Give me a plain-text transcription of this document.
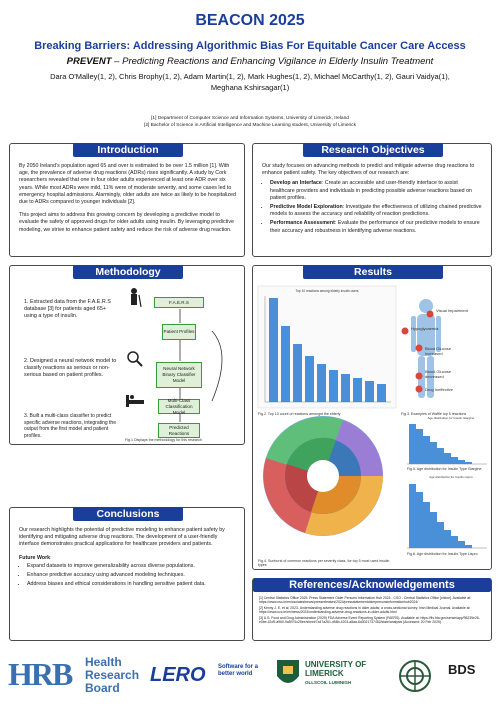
BEACON 2025
Breaking Barriers: Addressing Algorithmic Bias For Equitable Cancer Care Access
PREVENT – Predicting Reactions and Enhancing Vigilance in Elderly Insulin Treatment
Dara O'Malley(1, 2), Chris Brophy(1, 2), Adam Martin(1, 2), Mark Hughes(1, 2), Michael McCarthy(1, 2), Gauri Vaidya(1),
Meghana Kshirsagar(1)
[1] Department of Computer Science and Information Systems, University of Limerick, Ireland
[2] Bachelor of Science in Artificial Intelligence and Machine Learning student, University of Limerick
Introduction

By 2050 Ireland's population aged 65 and over is estimated to be over 1.5 million [1]. With age, the prevalence of adverse drug reactions (ADRs) rises significantly. A study by Cork researchers revealed that one in four older adults experienced at least one ADR over six years. While most ADRs were mild, 11% were of moderate severity, and some cases led to emergency hospital admissions. Alarmingly, older adults are twice as likely to be hospitalized due to ADRs compared to younger individuals [2].

This project aims to address this growing concern by developing a predictive model to evaluate the safety of approved drugs for older adults using insulin. By leveraging predictive modeling, we strive to enhance patient safety and reduce the risk of adverse drug reaction.

Research Objectives

Our study focuses on advancing methods to predict and mitigate adverse drug reactions to enhance patient safety. The key objectives of our research are:

• Develop an Interface: Create an accessible and user-friendly interface to assist healthcare providers and individuals in predicting possible adverse reactions based on patient profiles.
• Predictive Model Exploration: Investigate the effectiveness of utilizing chained predictive models to assess the accuracy and reliability of reaction predictions.
• Performance Assessment: Evaluate the performance of our predictive models to ensure their accuracy and robustness in identifying adverse reactions.
Methodology
1. Extracted data from the F.A.E.R.S database [3] for patients aged 65+ using a type of insulin.
2. Designed a neural network model to classify reactions as serious or non-serious based on patient profiles.
3. Built a multi-class classifier to predict specific adverse reactions, integrating the output from the first model and patient profiles.
F.A.E.R.S
Patient Profiles
Neural Network Binary Classifier Model
Multi-Class Classification Model
Predicted Reactions
Fig.1 Displays the methodology for this research
Results
Top 10 reactions among elderly insulin users
Age distribution for Insulin Glargine
Age distribution for Insulin Lispro
Fig.2. Top 10 count of reactions amongst the elderly	Fig.3. Examples of Waffle top 5 reactions
Visual Impairment
Hypoglycaemia
Blood Glucose Increased
Blood Glucose decreased
Drug Ineffective
Fig.4. Sunburst of common reactions per severity class, for top 5 most used insulin types
Fig.5. Age distribution for Insulin Type Glargine
Fig.6. Age distribution for Insulin Type Lispro
Conclusions

Our research highlights the potential of predictive modeling to enhance patient safety by identifying and mitigating adverse drug reactions. The development of a user-friendly interface demonstrates practical applications for healthcare providers and patients.

Future Work:

• Expand datasets to improve generalizability across diverse populations.
• Enhance predictive accuracy using advanced modeling techniques.
• Address biases and ethical considerations in handling sensitive patient data.	References/Acknowledgements

[1] Central Statistics Office 2025. Press Statement Older Persons Information Hub 2024 - CSO - Central Statistics Office [online]. Available at: https://www.cso.ie/en/csolatestnews/pressreleases/2024/pressstatementolderpersonsinformationhub2024/

[2] Kenny J. E. et al. 2023. Understanding adverse drug reactions in older adults; a cross-sectional survey. Irish Medical Journal. Available at: https://www.ucc.ie/en/news/2023/understanding-adverse-drug-reactions-in-older-adults.html

[3] U.S. Food and Drug Administration (2025) FDA Adverse Event Reporting System (FAERS). Available at: https://fis.fda.gov/sense/app/95239e26-e0be-42d9-a960-9a5f7f1c25ee/sheet/7a47a261-d58b-4203-a8aa-6d3021737452/state/analysis (Accessed: 20 Feb 2025).

HRB Health Research Board
LERO Software for a better world
UNIVERSITY OF LIMERICK
OLLSCOIL LUIMNIGH
BDS
